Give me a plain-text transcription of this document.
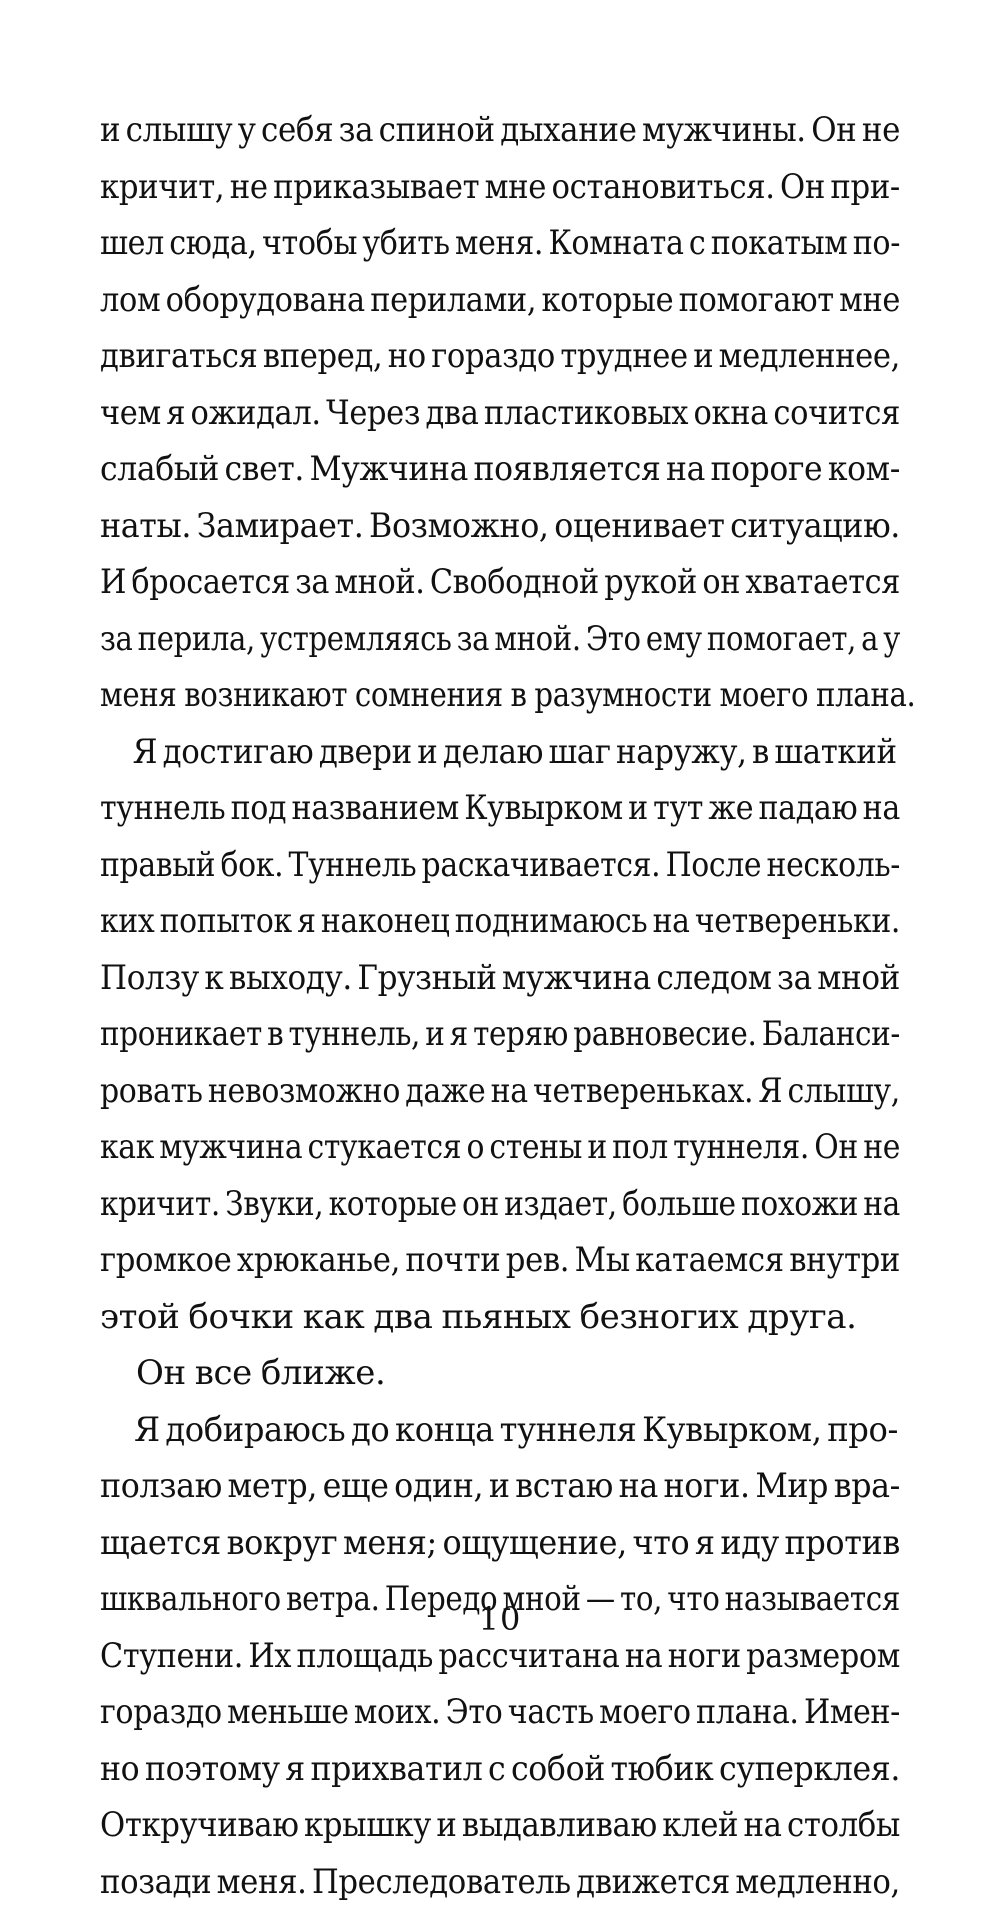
и слышу у себя за спиной дыхание мужчины. Он не
кричит, не приказывает мне остановиться. Он при-
шел сюда, чтобы убить меня. Комната с покатым по-
лом оборудована перилами, которые помогают мне
двигаться вперед, но гораздо труднее и медленнее,
чем я ожидал. Через два пластиковых окна сочится
слабый свет. Мужчина появляется на пороге ком-
наты. Замирает. Возможно, оценивает ситуацию.
И бросается за мной. Свободной рукой он хватается
за перила, устремляясь за мной. Это ему помогает, а у
меня возникают сомнения в разумности моего плана.
Я достигаю двери и делаю шаг наружу, в шаткий
туннель под названием Кувырком и тут же падаю на
правый бок. Туннель раскачивается. После несколь-
ких попыток я наконец поднимаюсь на четвереньки.
Ползу к выходу. Грузный мужчина следом за мной
проникает в туннель, и я теряю равновесие. Баланси-
ровать невозможно даже на четвереньках. Я слышу,
как мужчина стукается о стены и пол туннеля. Он не
кричит. Звуки, которые он издает, больше похожи на
громкое хрюканье, почти рев. Мы катаемся внутри
этой бочки как два пьяных безногих друга.
Он все ближе.
Я добираюсь до конца туннеля Кувырком, про-
ползаю метр, еще один, и встаю на ноги. Мир вра-
щается вокруг меня; ощущение, что я иду против
шквального ветра. Передо мной — то, что называется
Ступени. Их площадь рассчитана на ноги размером
гораздо меньше моих. Это часть моего плана. Имен-
но поэтому я прихватил с собой тюбик суперклея.
Откручиваю крышку и выдавливаю клей на столбы
позади меня. Преследователь движется медленно,
10
